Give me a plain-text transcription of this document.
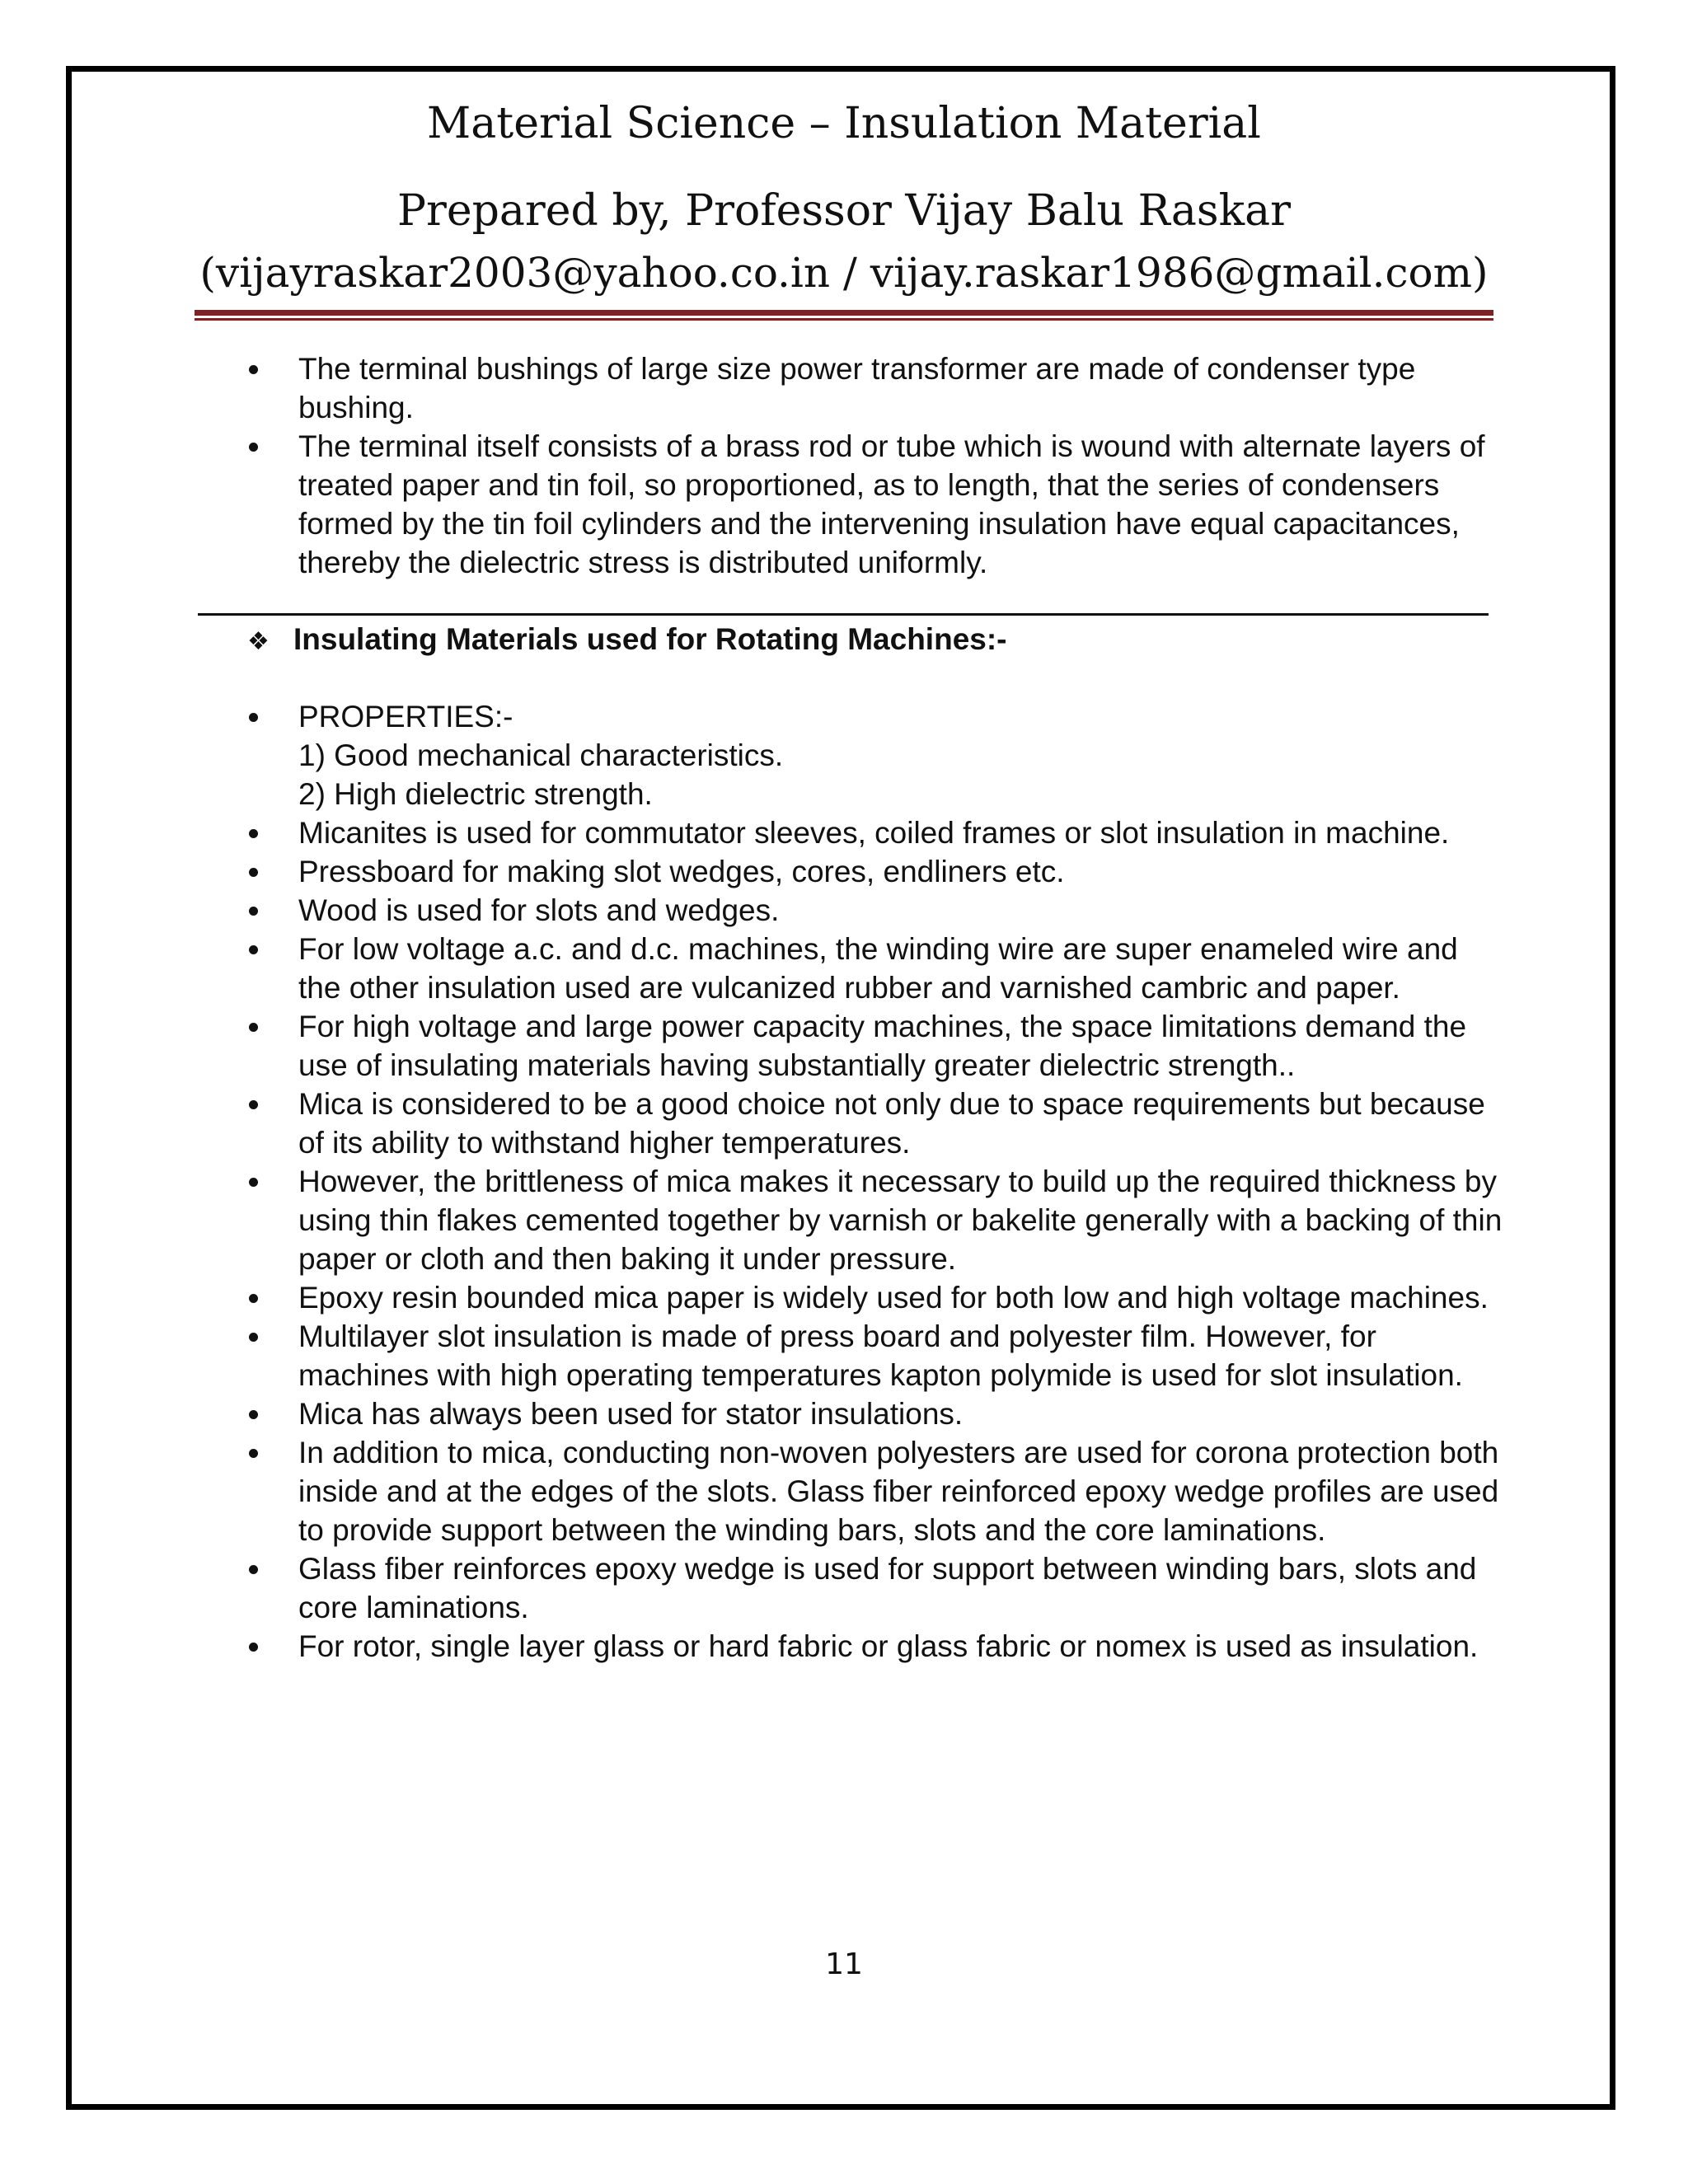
Material Science – Insulation Material
Prepared by, Professor Vijay Balu Raskar
(vijayraskar2003@yahoo.co.in / vijay.raskar1986@gmail.com)
The terminal bushings of large size power transformer are made of condenser type bushing.
The terminal itself consists of a brass rod or tube which is wound with alternate layers of treated paper and tin foil, so proportioned, as to length, that the series of condensers formed by the tin foil cylinders and the intervening insulation have equal capacitances, thereby the dielectric stress is distributed uniformly.
❖ Insulating Materials used for Rotating Machines:-
PROPERTIES:-
1) Good mechanical characteristics.
2) High dielectric strength.
Micanites is used for commutator sleeves, coiled frames or slot insulation in machine.
Pressboard for making slot wedges, cores, endliners etc.
Wood is used for slots and wedges.
For low voltage a.c. and d.c. machines, the winding wire are super enameled wire and the other insulation used are vulcanized rubber and varnished cambric and paper.
For high voltage and large power capacity machines, the space limitations demand the use of insulating materials having substantially greater dielectric strength..
Mica is considered to be a good choice not only due to space requirements but because of its ability to withstand higher temperatures.
However, the brittleness of mica makes it necessary to build up the required thickness by using thin flakes cemented together by varnish or bakelite generally with a backing of thin paper or cloth and then baking it under pressure.
Epoxy resin bounded mica paper is widely used for both low and high voltage machines.
Multilayer slot insulation is made of press board and polyester film. However, for machines with high operating temperatures kapton polymide is used for slot insulation.
Mica has always been used for stator insulations.
In addition to mica, conducting non-woven polyesters are used for corona protection both inside and at the edges of the slots. Glass fiber reinforced epoxy wedge profiles are used to provide support between the winding bars, slots and the core laminations.
Glass fiber reinforces epoxy wedge is used for support between winding bars, slots and core laminations.
For rotor, single layer glass or hard fabric or glass fabric or nomex is used as insulation.
11
